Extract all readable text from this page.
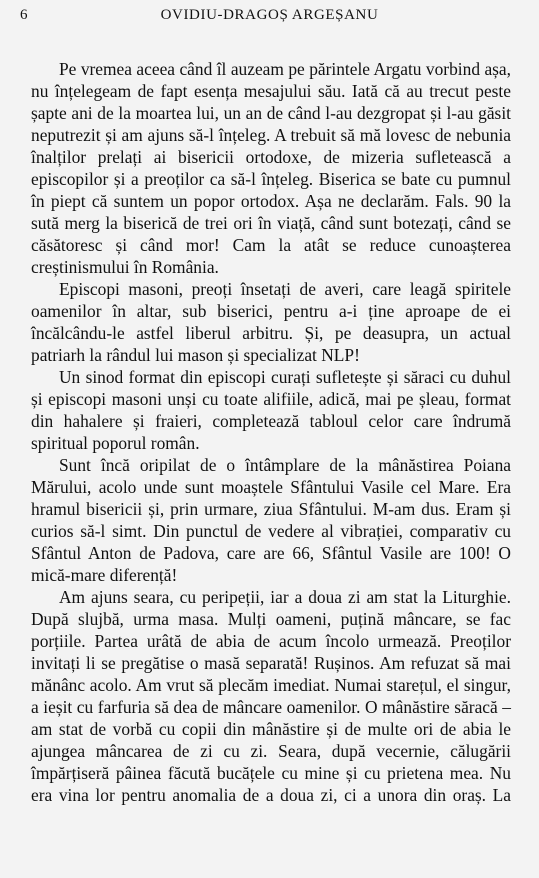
6	OVIDIU-DRAGOȘ ARGEȘANU

Pe vremea aceea când îl auzeam pe părintele Argatu vorbind așa, nu înțelegeam de fapt esența mesajului său. Iată că au trecut peste șapte ani de la moartea lui, un an de când l-au dezgropat și l-au găsit neputrezit și am ajuns să-l înțeleg. A trebuit să mă lovesc de nebunia înalților prelați ai bisericii ortodoxe, de mizeria sufletească a episcopilor și a preoților ca să-l înțeleg. Biserica se bate cu pumnul în piept că suntem un popor ortodox. Așa ne declarăm. Fals. 90 la sută merg la biserică de trei ori în viață, când sunt botezați, când se căsătoresc și când mor! Cam la atât se reduce cunoașterea creștinismului în România.

Episcopi masoni, preoți însetați de averi, care leagă spiritele oamenilor în altar, sub biserici, pentru a-i ține aproape de ei încălcându-le astfel liberul arbitru. Și, pe deasupra, un actual patriarh la rândul lui mason și specializat NLP!

Un sinod format din episcopi curați sufletește și săraci cu duhul și episcopi masoni unși cu toate alifiile, adică, mai pe șleau, format din hahalere și fraieri, completează tabloul celor care îndrumă spiritual poporul român.

Sunt încă oripilat de o întâmplare de la mânăstirea Poiana Mărului, acolo unde sunt moaștele Sfântului Vasile cel Mare. Era hramul bisericii și, prin urmare, ziua Sfântului. M-am dus. Eram și curios să-l simt. Din punctul de vedere al vibrației, comparativ cu Sfântul Anton de Padova, care are 66, Sfântul Vasile are 100! O mică-mare diferență!

Am ajuns seara, cu peripeții, iar a doua zi am stat la Liturghie. După slujbă, urma masa. Mulți oameni, puțină mâncare, se fac porțiile. Partea urâtă de abia de acum încolo urmează. Preoților invitați li se pregătise o masă separată! Rușinos. Am refuzat să mai mănânc acolo. Am vrut să plecăm imediat. Numai starețul, el singur, a ieșit cu farfuria să dea de mâncare oamenilor. O mânăstire săracă – am stat de vorbă cu copii din mânăstire și de multe ori de abia le ajungea mâncarea de zi cu zi. Seara, după vecernie, călugării împărțiseră pâinea făcută bucățele cu mine și cu prietena mea. Nu era vina lor pentru anomalia de a doua zi, ci a unora din oraș. La
